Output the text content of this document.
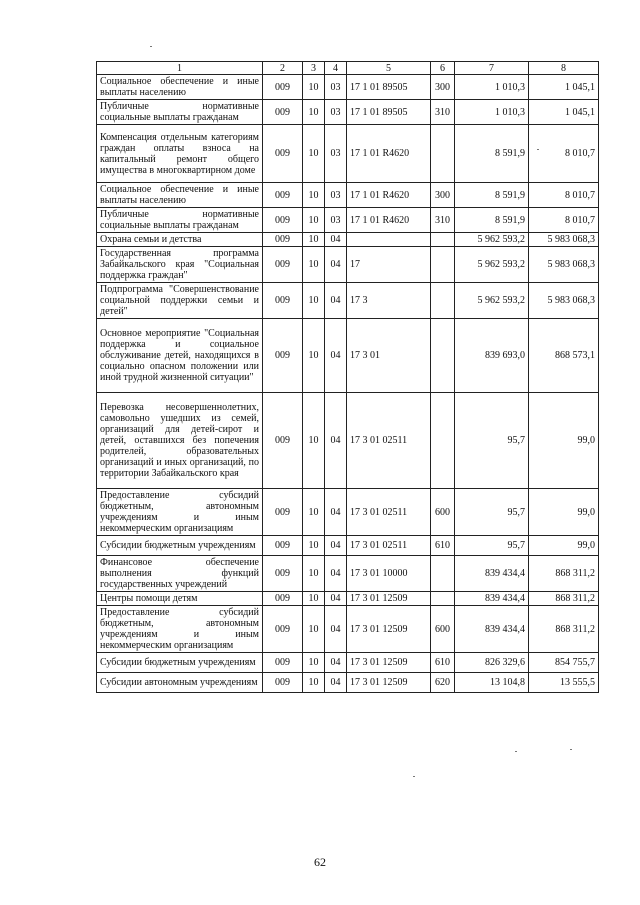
1	2	3	4	5	6	7	8
Социальное обеспечение и иные выплаты населению	009	10	03	17 1 01 89505	300	1 010,3	1 045,1
Публичные нормативные социальные выплаты гражданам	009	10	03	17 1 01 89505	310	1 010,3	1 045,1
Компенсация отдельным категориям граждан оплаты взноса на капитальный ремонт общего имущества в многоквартирном доме	009	10	03	17 1 01 R4620		8 591,9	8 010,7
Социальное обеспечение и иные выплаты населению	009	10	03	17 1 01 R4620	300	8 591,9	8 010,7
Публичные нормативные социальные выплаты гражданам	009	10	03	17 1 01 R4620	310	8 591,9	8 010,7
Охрана семьи и детства	009	10	04			5 962 593,2	5 983 068,3
Государственная программа Забайкальского края "Социальная поддержка граждан"	009	10	04	17		5 962 593,2	5 983 068,3
Подпрограмма "Совершенствование социальной поддержки семьи и детей"	009	10	04	17 3		5 962 593,2	5 983 068,3
Основное мероприятие "Социальная поддержка и социальное обслуживание детей, находящихся в социально опасном положении или иной трудной жизненной ситуации"	009	10	04	17 3 01		839 693,0	868 573,1
Перевозка несовершеннолетних, самовольно ушедших из семей, организаций для детей-сирот и детей, оставшихся без попечения родителей, образовательных организаций и иных организаций, по территории Забайкальского края	009	10	04	17 3 01 02511		95,7	99,0
Предоставление субсидий бюджетным, автономным учреждениям и иным некоммерческим организациям	009	10	04	17 3 01 02511	600	95,7	99,0
Субсидии бюджетным учреждениям	009	10	04	17 3 01 02511	610	95,7	99,0
Финансовое обеспечение выполнения функций государственных учреждений	009	10	04	17 3 01 10000		839 434,4	868 311,2
Центры помощи детям	009	10	04	17 3 01 12509		839 434,4	868 311,2
Предоставление субсидий бюджетным, автономным учреждениям и иным некоммерческим организациям	009	10	04	17 3 01 12509	600	839 434,4	868 311,2
Субсидии бюджетным учреждениям	009	10	04	17 3 01 12509	610	826 329,6	854 755,7
Субсидии автономным учреждениям	009	10	04	17 3 01 12509	620	13 104,8	13 555,5
62
